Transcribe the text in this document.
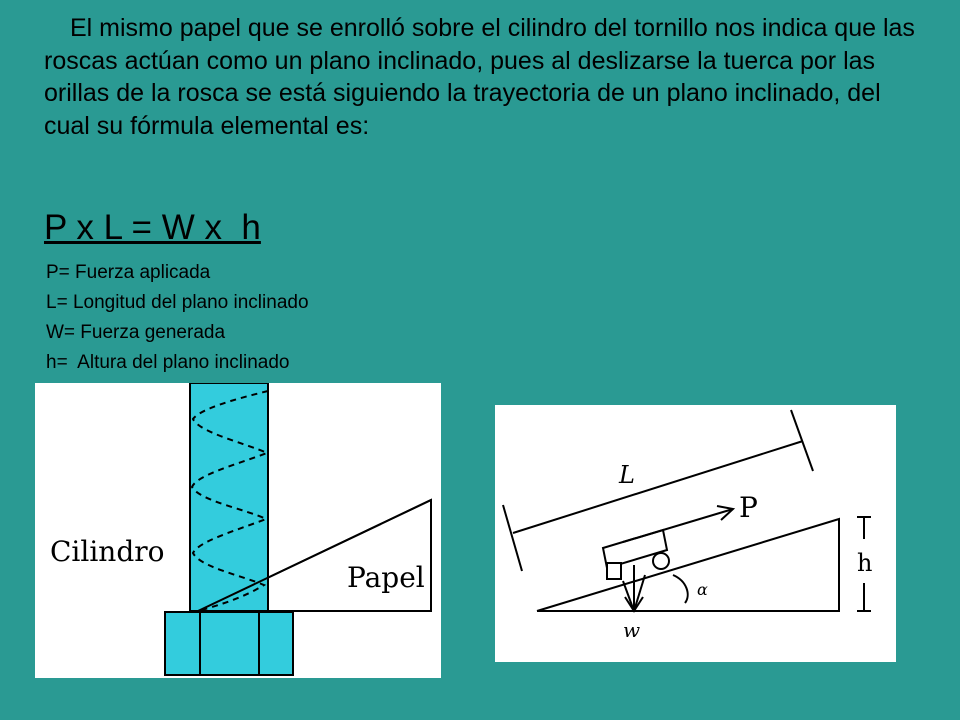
El mismo papel que se enrolló sobre el cilindro del tornillo nos indica que las roscas actúan como un plano inclinado, pues al deslizarse la tuerca por las orillas de la rosca se está siguiendo la trayectoria de un plano inclinado, del cual su fórmula elemental es:

P x L = W x  h
P= Fuerza aplicada
L= Longitud del plano inclinado
W= Fuerza generada
h=  Altura del plano inclinado
Cilindro
Papel
L
P
w
α
h
